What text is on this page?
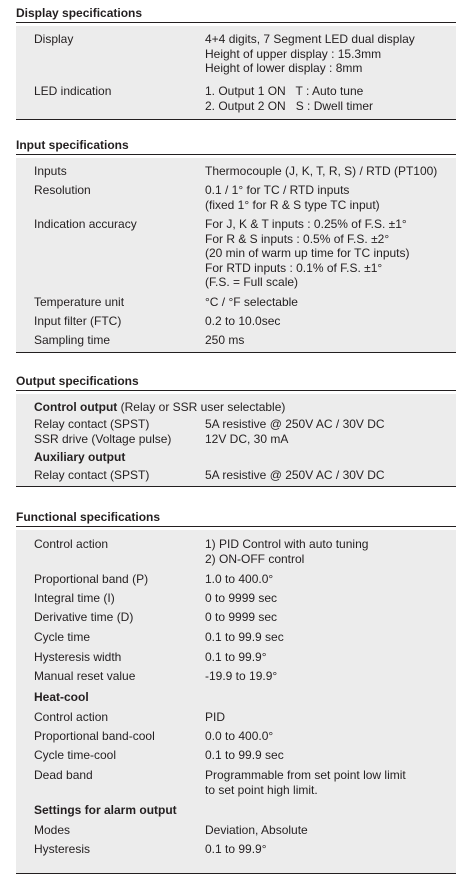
Display specifications
Display	4+4 digits, 7 Segment LED dual display
Height of upper display : 15.3mm
Height of lower display : 8mm
LED indication	1. Output 1 ON   T : Auto tune
2. Output 2 ON   S : Dwell timer
Input specifications
Inputs	Thermocouple (J, K, T, R, S) / RTD (PT100)
Resolution	0.1 / 1° for TC / RTD inputs
(fixed 1° for R & S type TC input)
Indication accuracy	For J, K & T inputs : 0.25% of F.S. ±1°
For R & S inputs : 0.5% of F.S. ±2°
(20 min of warm up time for TC inputs)
For RTD inputs : 0.1% of F.S. ±1°
(F.S. = Full scale)
Temperature unit	°C / °F selectable
Input filter (FTC)	0.2 to 10.0sec
Sampling time	250 ms
Output specifications
Control output (Relay or SSR user selectable)
Relay contact (SPST)	5A resistive @ 250V AC / 30V DC
SSR drive (Voltage pulse)	12V DC, 30 mA
Auxiliary output
Relay contact (SPST)	5A resistive @ 250V AC / 30V DC
Functional specifications
Control action	1) PID Control with auto tuning
2) ON-OFF control
Proportional band (P)	1.0 to 400.0°
Integral time (I)	0 to 9999 sec
Derivative time (D)	0 to 9999 sec
Cycle time	0.1 to 99.9 sec
Hysteresis width	0.1 to 99.9°
Manual reset value	-19.9 to 19.9°
Heat-cool
Control action	PID
Proportional band-cool	0.0 to 400.0°
Cycle time-cool	0.1 to 99.9 sec
Dead band	Programmable from set point low limit
to set point high limit.
Settings for alarm output
Modes	Deviation, Absolute
Hysteresis	0.1 to 99.9°
